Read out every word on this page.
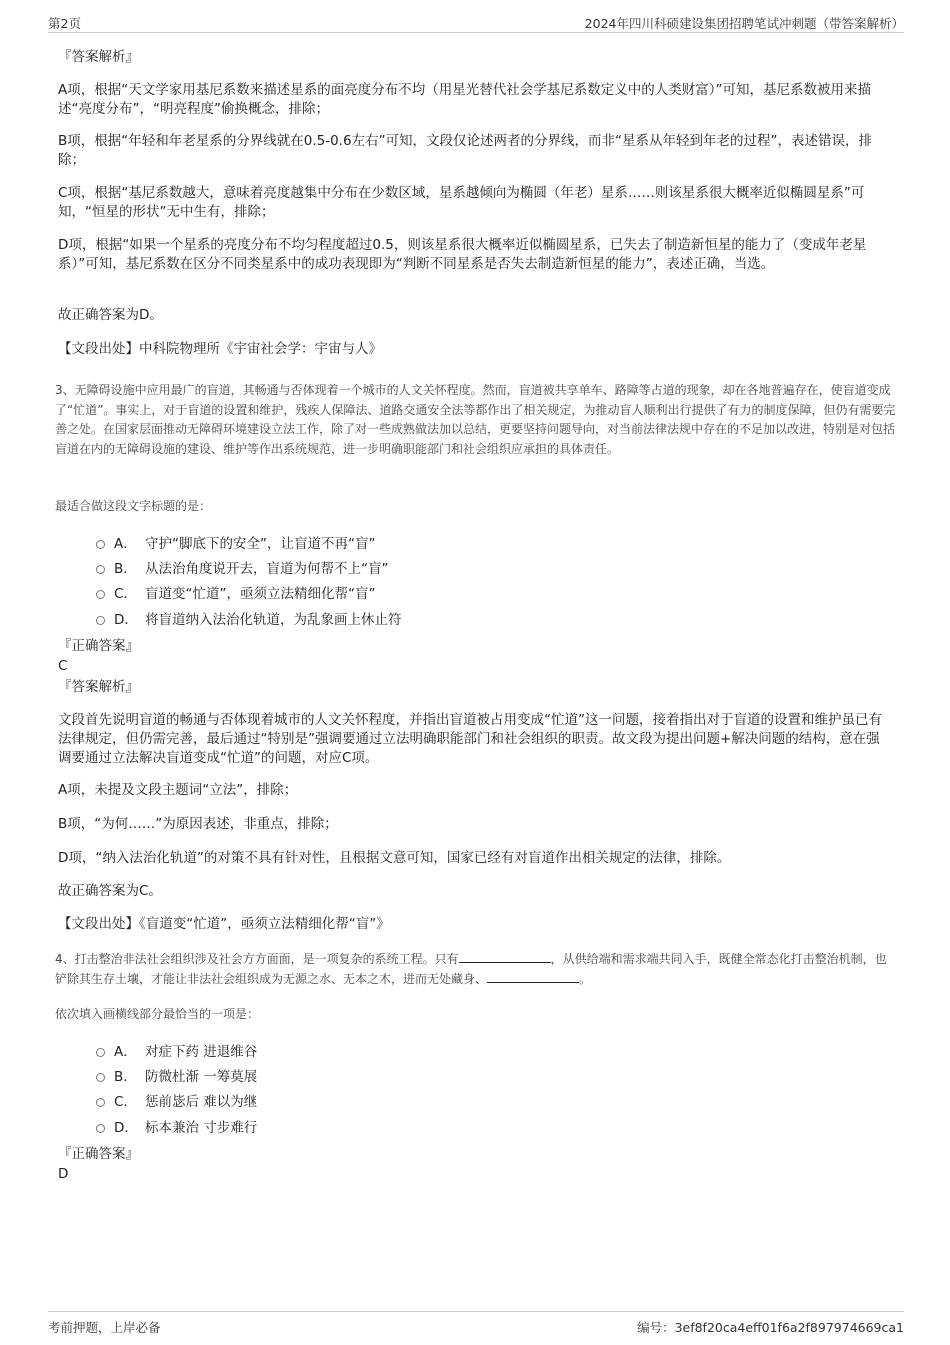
第2页	2024年四川科硕建设集团招聘笔试冲刺题（带答案解析）
『答案解析』
A项，根据“天文学家用基尼系数来描述星系的面亮度分布不均（用星光替代社会学基尼系数定义中的人类财富）”可知，基尼系数被用来描述“亮度分布”，“明亮程度”偷换概念，排除；
B项，根据“年轻和年老星系的分界线就在0.5-0.6左右”可知，文段仅论述两者的分界线，而非“星系从年轻到年老的过程”，表述错误，排除；
C项，根据“基尼系数越大，意味着亮度越集中分布在少数区域，星系越倾向为椭圆（年老）星系……则该星系很大概率近似椭圆星系”可知，“恒星的形状”无中生有，排除；
D项，根据“如果一个星系的亮度分布不均匀程度超过0.5，则该星系很大概率近似椭圆星系，已失去了制造新恒星的能力了（变成年老星系）”可知，基尼系数在区分不同类星系中的成功表现即为“判断不同星系是否失去制造新恒星的能力”，表述正确，当选。
故正确答案为D。
【文段出处】中科院物理所《宇宙社会学：宇宙与人》
3、无障碍设施中应用最广的盲道，其畅通与否体现着一个城市的人文关怀程度。然而，盲道被共享单车、路障等占道的现象，却在各地普遍存在，使盲道变成了“忙道”。事实上，对于盲道的设置和维护，残疾人保障法、道路交通安全法等都作出了相关规定，为推动盲人顺利出行提供了有力的制度保障，但仍有需要完善之处。在国家层面推动无障碍环境建设立法工作，除了对一些成熟做法加以总结，更要坚持问题导向，对当前法律法规中存在的不足加以改进，特别是对包括盲道在内的无障碍设施的建设、维护等作出系统规范，进一步明确职能部门和社会组织应承担的具体责任。
最适合做这段文字标题的是：
A． 守护“脚底下的安全”，让盲道不再“盲”
B． 从法治角度说开去，盲道为何帮不上“盲”
C． 盲道变“忙道”，亟须立法精细化帮“盲”
D． 将盲道纳入法治化轨道，为乱象画上休止符
『正确答案』
C
『答案解析』
文段首先说明盲道的畅通与否体现着城市的人文关怀程度，并指出盲道被占用变成“忙道”这一问题，接着指出对于盲道的设置和维护虽已有法律规定，但仍需完善，最后通过“特别是”强调要通过立法明确职能部门和社会组织的职责。故文段为提出问题+解决问题的结构，意在强调要通过立法解决盲道变成“忙道”的问题，对应C项。
A项，未提及文段主题词“立法”，排除；
B项，“为何……”为原因表述，非重点，排除；
D项，“纳入法治化轨道”的对策不具有针对性，且根据文意可知，国家已经有对盲道作出相关规定的法律，排除。
故正确答案为C。
【文段出处】《盲道变“忙道”，亟须立法精细化帮“盲”》
4、打击整治非法社会组织涉及社会方方面面，是一项复杂的系统工程。只有	，从供给端和需求端共同入手，既健全常态化打击整治机制，也铲除其生存土壤，才能让非法社会组织成为无源之水、无本之木，进而无处藏身、	。
依次填入画横线部分最恰当的一项是：
A． 对症下药 进退维谷
B． 防微杜渐 一筹莫展
C． 惩前毖后 难以为继
D． 标本兼治 寸步难行
『正确答案』
D
考前押题，上岸必备	编号：3ef8f20ca4eff01f6a2f897974669ca1
